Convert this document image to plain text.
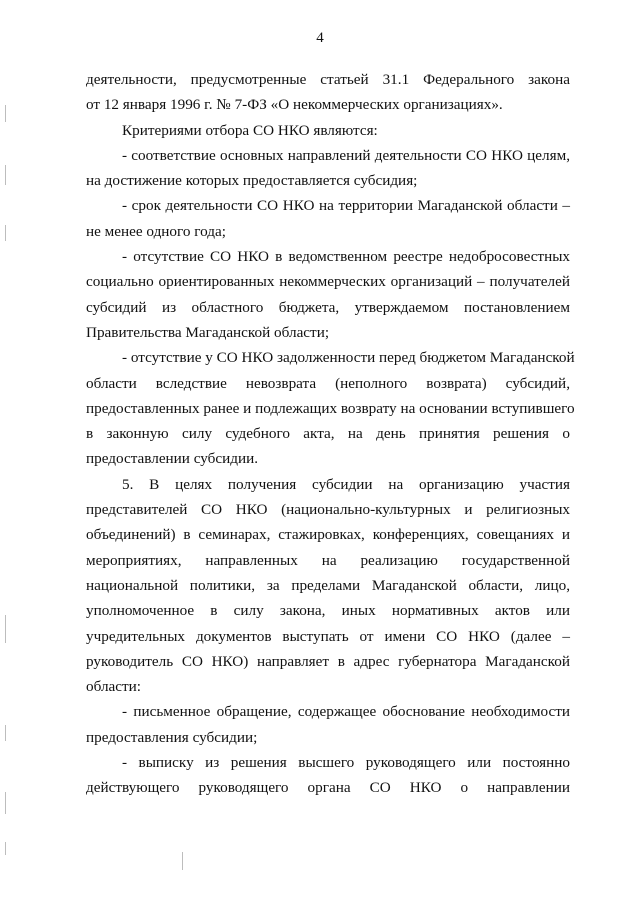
4
деятельности, предусмотренные статьей 31.1 Федерального закона
от 12 января 1996 г. № 7-ФЗ «О некоммерческих организациях».
Критериями отбора СО НКО являются:
- соответствие основных направлений деятельности СО НКО целям,
на достижение которых предоставляется субсидия;
- срок деятельности СО НКО на территории Магаданской области –
не менее одного года;
- отсутствие СО НКО в ведомственном реестре недобросовестных
социально ориентированных некоммерческих организаций – получателей
субсидий из областного бюджета, утверждаемом постановлением
Правительства Магаданской области;
- отсутствие у СО НКО задолженности перед бюджетом Магаданской
области вследствие невозврата (неполного возврата) субсидий,
предоставленных ранее и подлежащих возврату на основании вступившего
в законную силу судебного акта, на день принятия решения о
предоставлении субсидии.
5. В целях получения субсидии на организацию участия
представителей СО НКО (национально-культурных и религиозных
объединений) в семинарах, стажировках, конференциях, совещаниях и
мероприятиях, направленных на реализацию государственной
национальной политики, за пределами Магаданской области, лицо,
уполномоченное в силу закона, иных нормативных актов или
учредительных документов выступать от имени СО НКО (далее –
руководитель СО НКО) направляет в адрес губернатора Магаданской
области:
- письменное обращение, содержащее обоснование необходимости
предоставления субсидии;
- выписку из решения высшего руководящего или постоянно
действующего руководящего органа СО НКО о направлении
